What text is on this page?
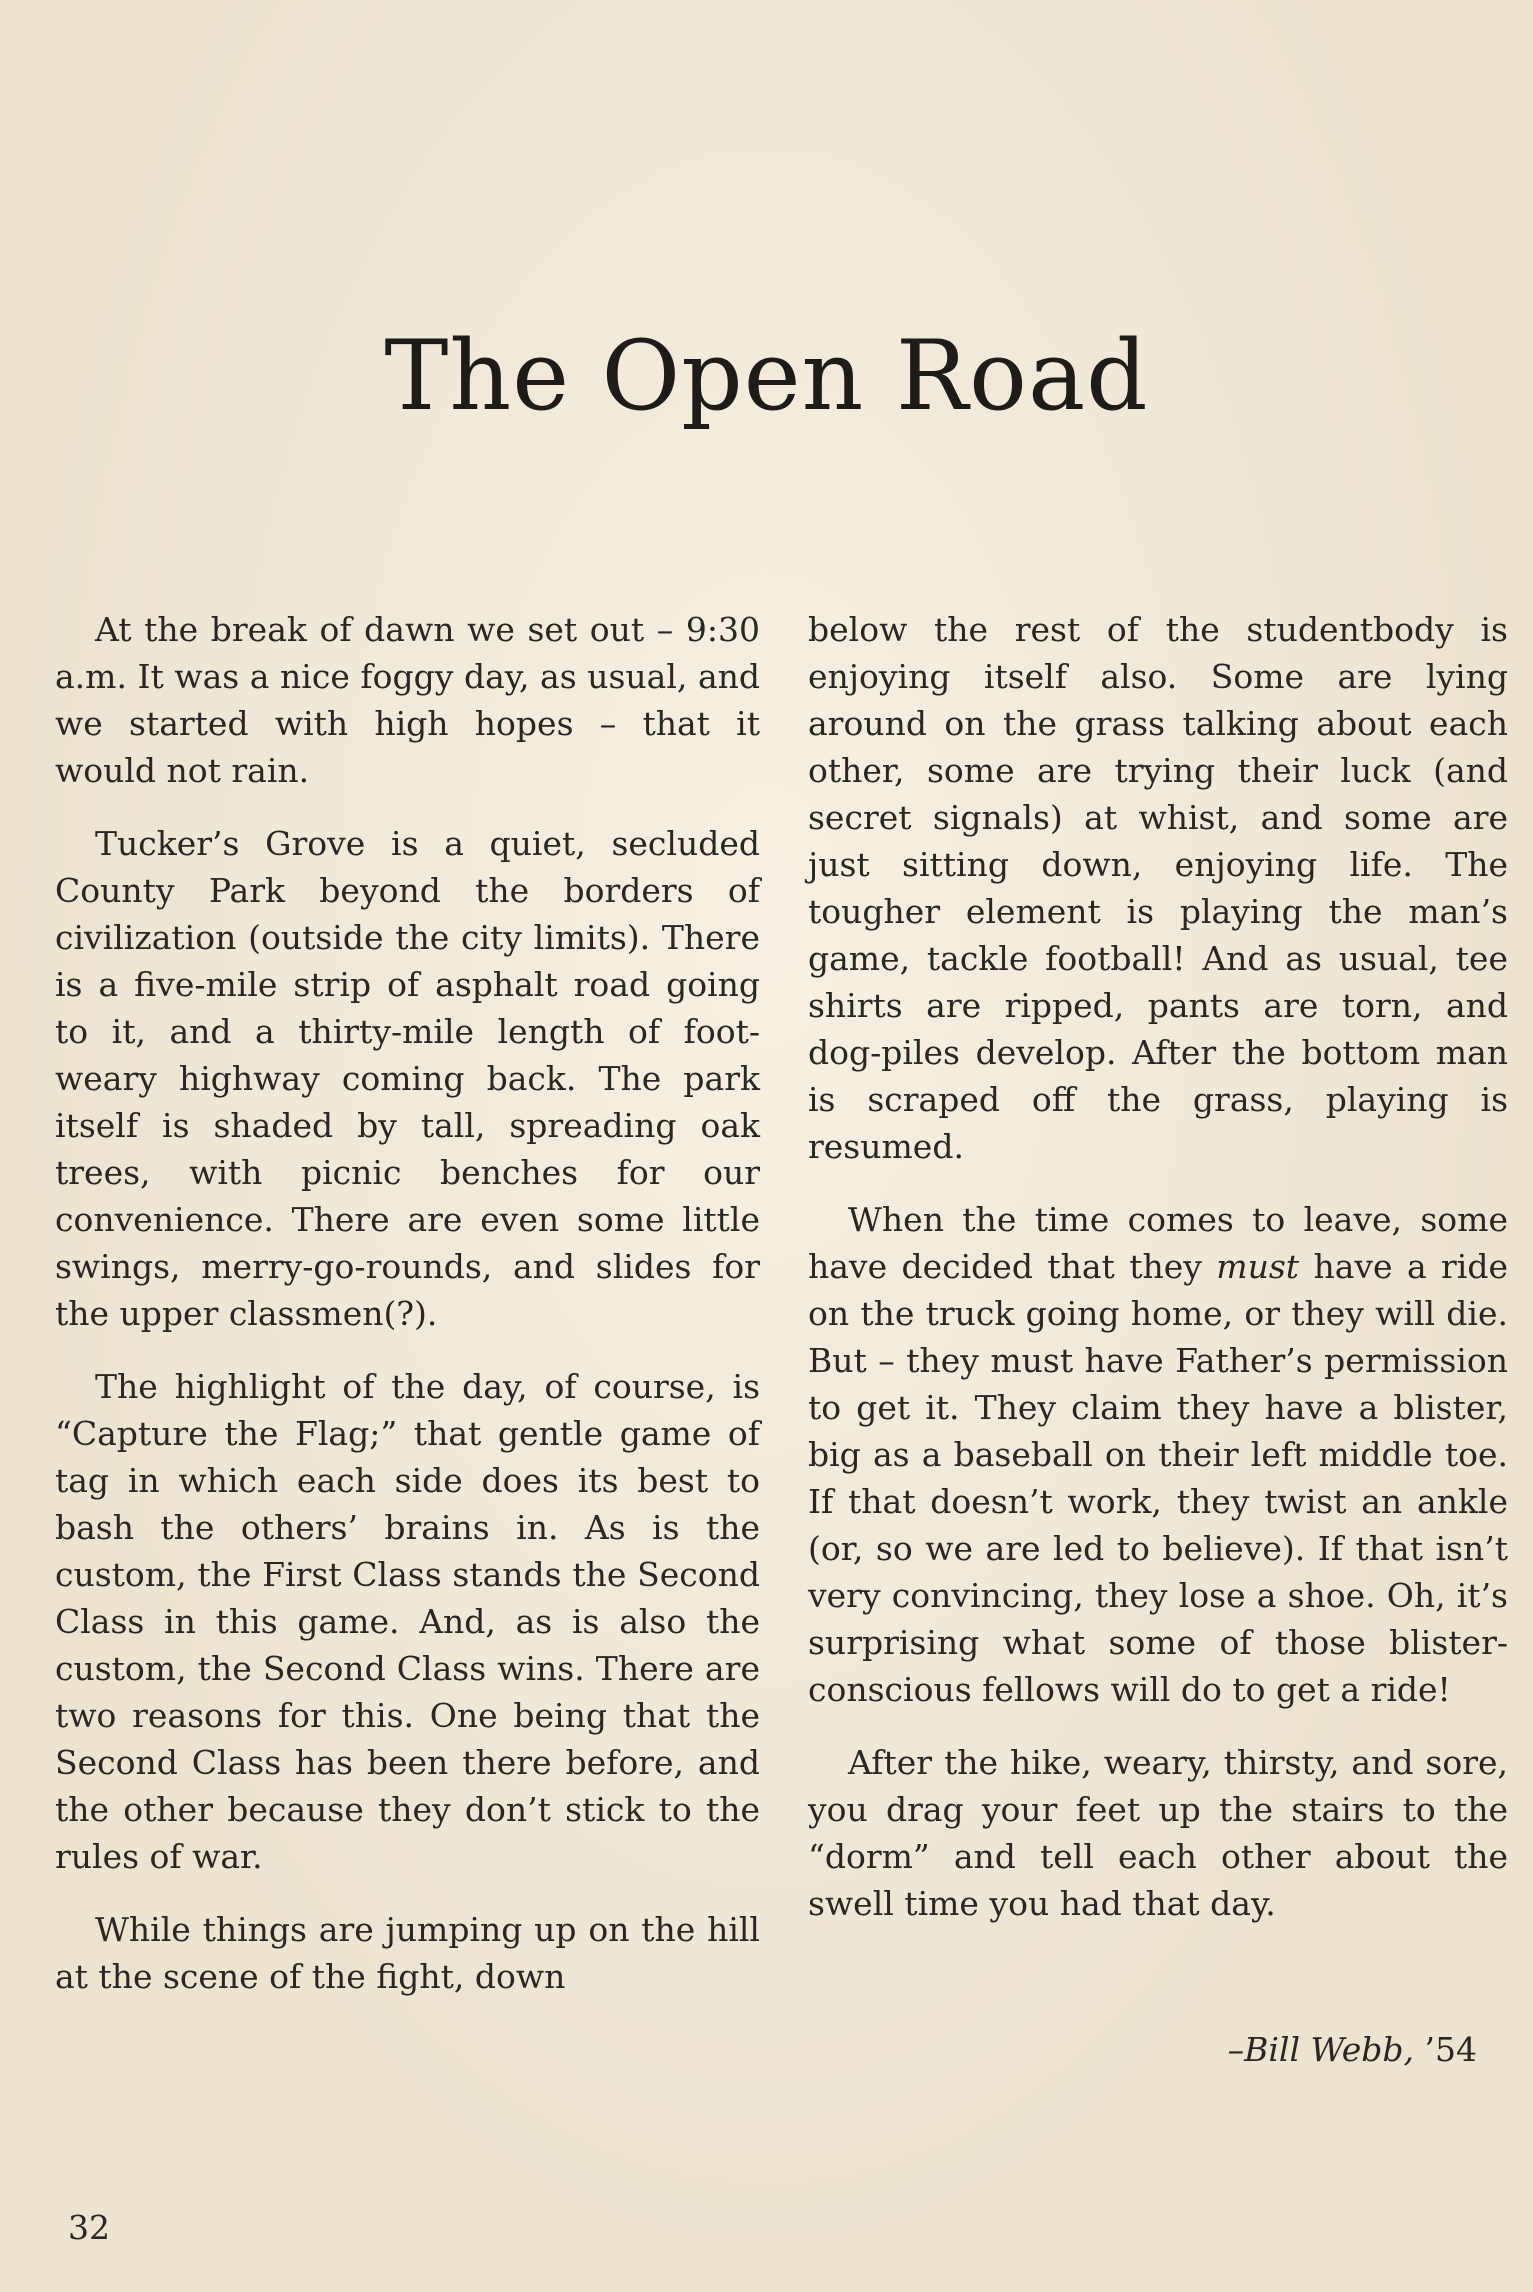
The Open Road

At the break of dawn we set out – 9:30 a.m. It was a nice foggy day, as usual, and we started with high hopes – that it would not rain.

Tucker’s Grove is a quiet, secluded County Park beyond the borders of civilization (outside the city limits). There is a five-mile strip of asphalt road going to it, and a thirty-mile length of foot-weary highway coming back. The park itself is shaded by tall, spreading oak trees, with picnic benches for our convenience. There are even some little swings, merry-go-rounds, and slides for the upper classmen(?).

The highlight of the day, of course, is “Capture the Flag;” that gentle game of tag in which each side does its best to bash the others’ brains in. As is the custom, the First Class stands the Second Class in this game. And, as is also the custom, the Second Class wins. There are two reasons for this. One being that the Second Class has been there before, and the other because they don’t stick to the rules of war.

While things are jumping up on the hill at the scene of the fight, down

below the rest of the studentbody is enjoying itself also. Some are lying around on the grass talking about each other, some are trying their luck (and secret signals) at whist, and some are just sitting down, enjoying life. The tougher element is playing the man’s game, tackle football! And as usual, tee shirts are ripped, pants are torn, and dog-piles develop. After the bottom man is scraped off the grass, playing is resumed.

When the time comes to leave, some have decided that they must have a ride on the truck going home, or they will die. But – they must have Father’s permission to get it. They claim they have a blister, big as a baseball on their left middle toe. If that doesn’t work, they twist an ankle (or, so we are led to believe). If that isn’t very convincing, they lose a shoe. Oh, it’s surprising what some of those blister-conscious fellows will do to get a ride!

After the hike, weary, thirsty, and sore, you drag your feet up the stairs to the “dorm” and tell each other about the swell time you had that day.

–Bill Webb, ’54
32
